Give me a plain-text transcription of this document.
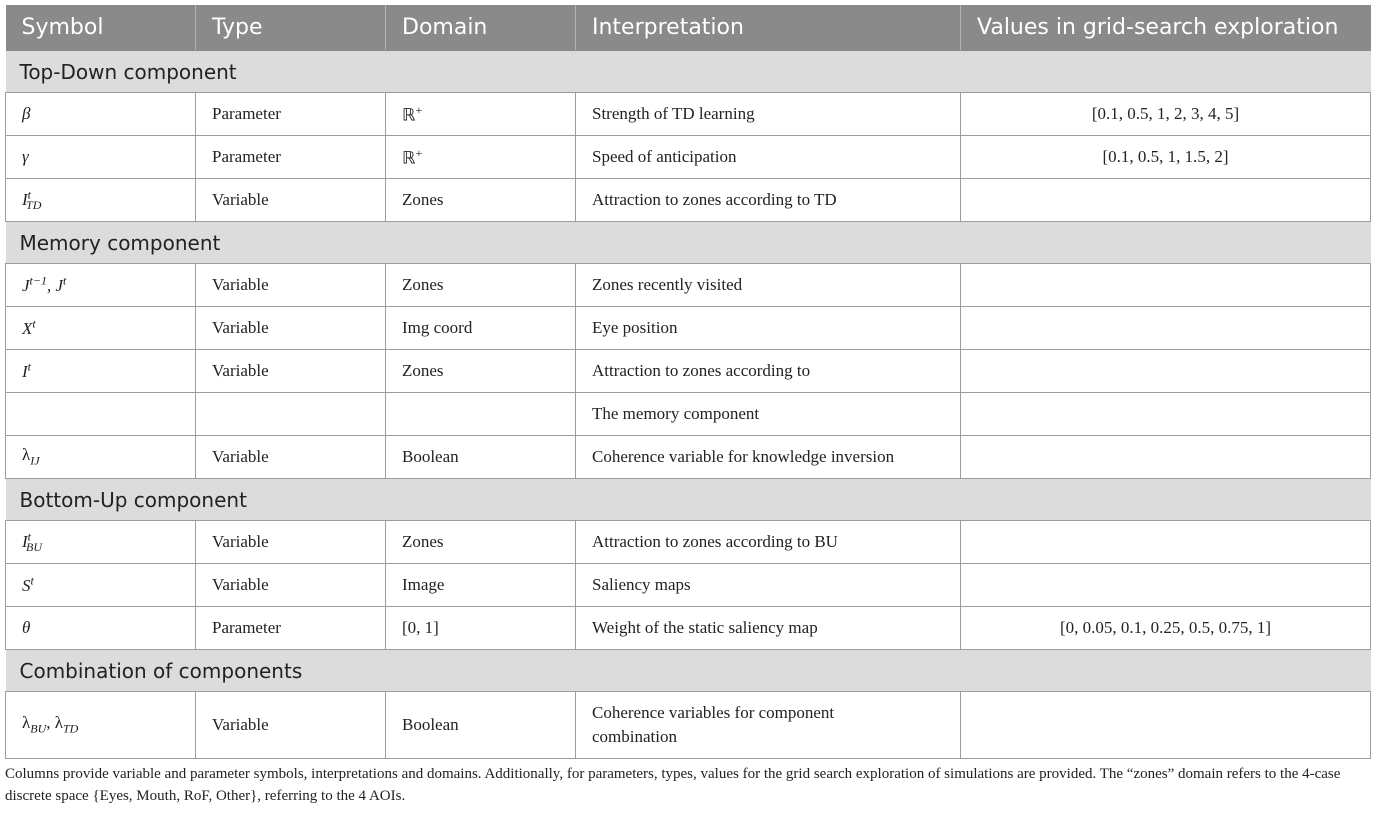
Symbol	Type	Domain	Interpretation	Values in grid-search exploration
Top-Down component				
β	Parameter	ℝ+	Strength of TD learning	[0.1, 0.5, 1, 2, 3, 4, 5]
γ	Parameter	ℝ+	Speed of anticipation	[0.1, 0.5, 1, 1.5, 2]
$I^t_{TD}$	Variable	Zones	Attraction to zones according to TD	
Memory component				
$J^{t-1}$, $J^t$	Variable	Zones	Zones recently visited	
$X^t$	Variable	Img coord	Eye position	
$I^t$	Variable	Zones	Attraction to zones according to	
			The memory component	
$\lambda_{IJ}$	Variable	Boolean	Coherence variable for knowledge inversion	
Bottom-Up component				
$I^t_{BU}$	Variable	Zones	Attraction to zones according to BU	
$S^t$	Variable	Image	Saliency maps	
θ	Parameter	[0, 1]	Weight of the static saliency map	[0, 0.05, 0.1, 0.25, 0.5, 0.75, 1]
Combination of components				
$\lambda_{BU}$, $\lambda_{TD}$	Variable	Boolean	Coherence variables for component
combination	
Columns provide variable and parameter symbols, interpretations and domains. Additionally, for parameters, types, values for the grid search exploration of simulations are provided. The “zones” domain refers to the 4-case discrete space {Eyes, Mouth, RoF, Other}, referring to the 4 AOIs.
